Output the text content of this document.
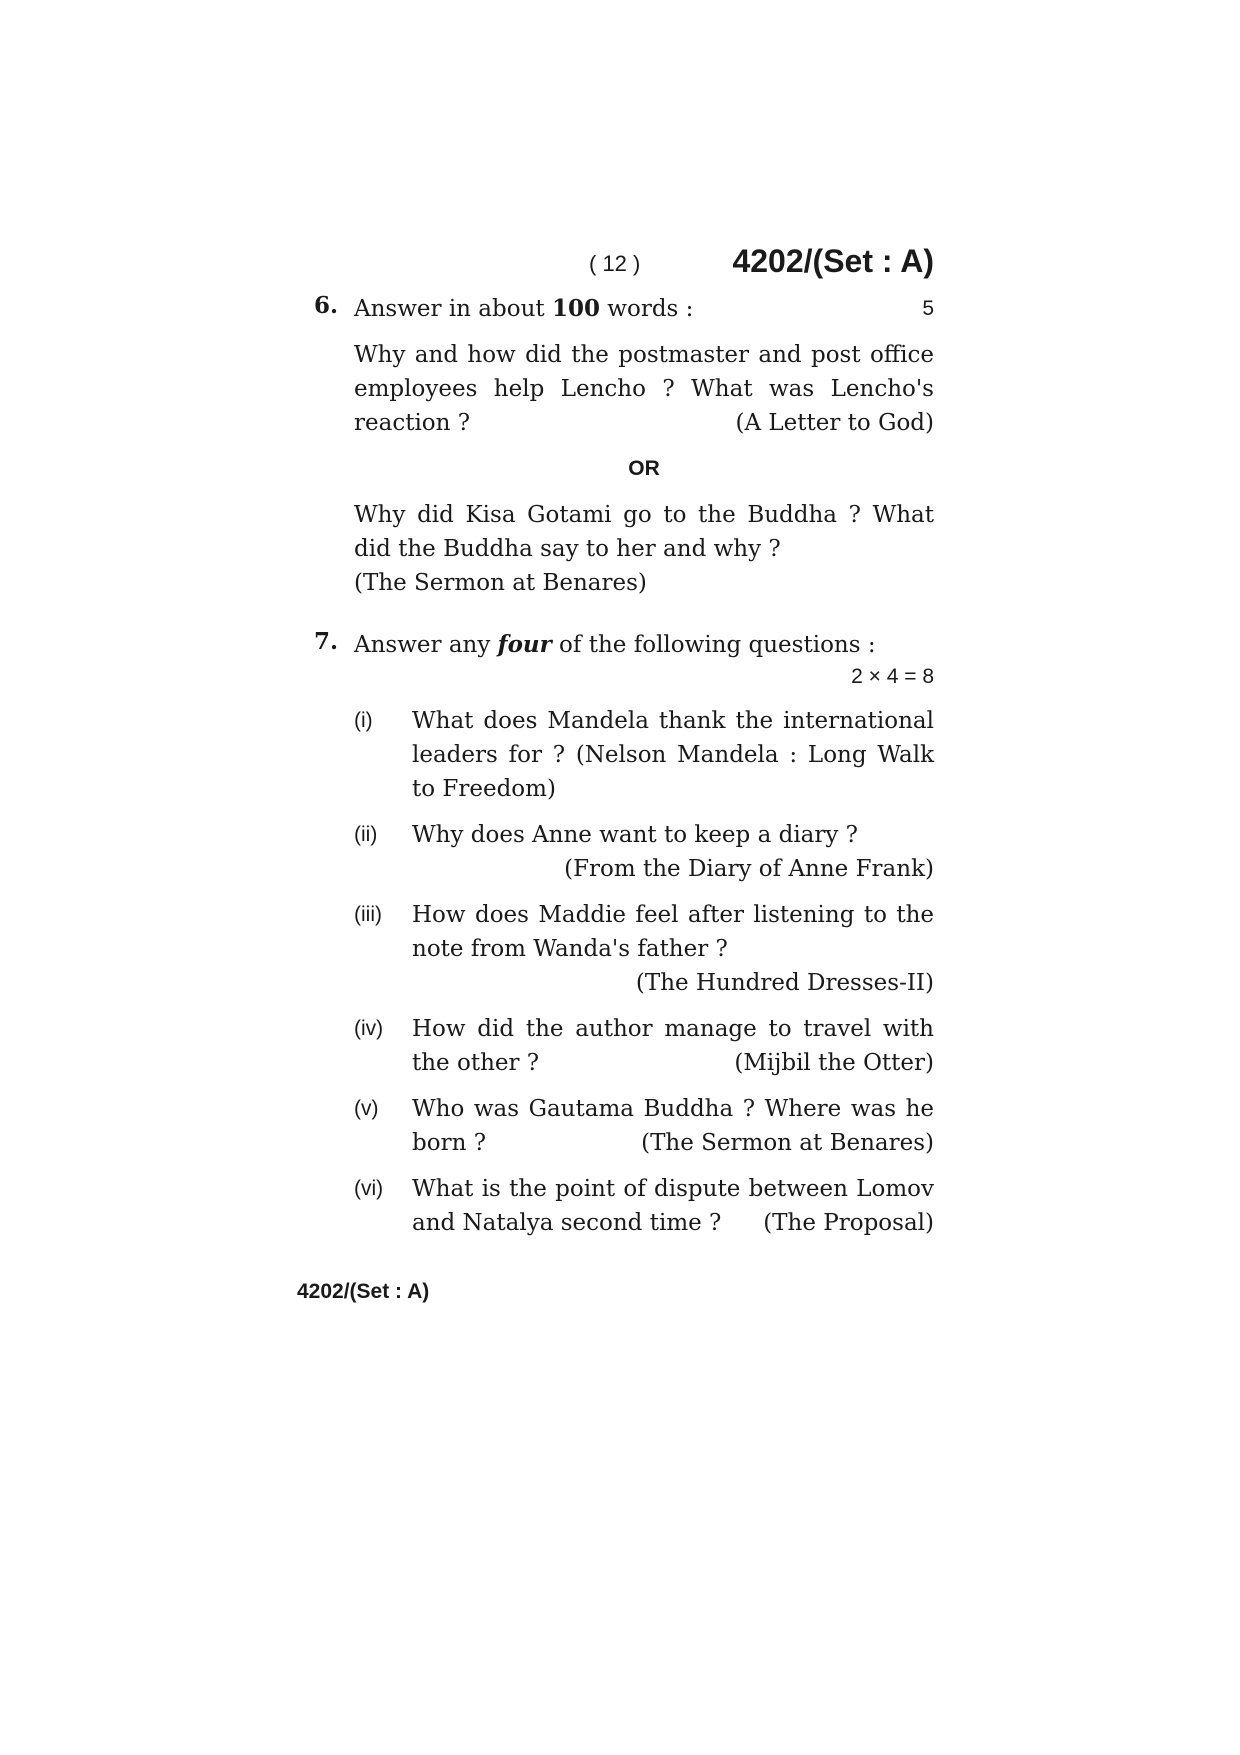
( 12 )	4202/(Set : A)
6. Answer in about 100 words :	5
Why and how did the postmaster and post office employees help Lencho ? What was Lencho's reaction ?	(A Letter to God)
OR
Why did Kisa Gotami go to the Buddha ? What did the Buddha say to her and why ?
(The Sermon at Benares)
7. Answer any four of the following questions :
2 × 4 = 8
(i) What does Mandela thank the international leaders for ? (Nelson Mandela : Long Walk to Freedom)
(ii) Why does Anne want to keep a diary ?
(From the Diary of Anne Frank)
(iii) How does Maddie feel after listening to the note from Wanda's father ?
(The Hundred Dresses-II)
(iv) How did the author manage to travel with the other ?	(Mijbil the Otter)
(v) Who was Gautama Buddha ? Where was he born ?	(The Sermon at Benares)
(vi) What is the point of dispute between Lomov and Natalya second time ? (The Proposal)
4202/(Set : A)
